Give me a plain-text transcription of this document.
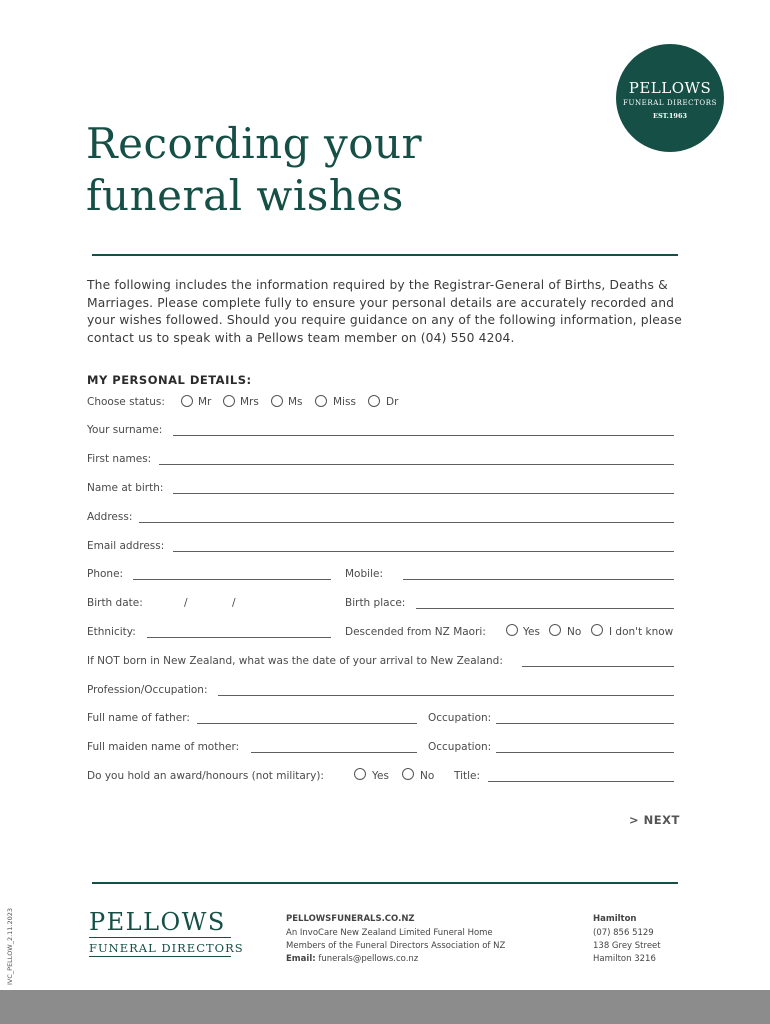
PELLOWS
FUNERAL DIRECTORS
EST.1963
Recording your
funeral wishes
The following includes the information required by the Registrar-General of Births, Deaths & Marriages. Please complete fully to ensure your personal details are accurately recorded and your wishes followed. Should you require guidance on any of the following information, please contact us to speak with a Pellows team member on (04) 550 4204.
MY PERSONAL DETAILS:
Choose status:	Mr	Mrs	Ms	Miss	Dr
Your surname:
First names:
Name at birth:
Address:
Email address:
Phone:	Mobile:
Birth date:	/	/	Birth place:
Ethnicity:	Descended from NZ Maori:	Yes	No	I don't know
If NOT born in New Zealand, what was the date of your arrival to New Zealand:
Profession/Occupation:
Full name of father:	Occupation:
Full maiden name of mother:	Occupation:
Do you hold an award/honours (not military):	Yes	No Title:
> NEXT
IVC_PELLOW_2.11.2023	PELLOWS
FUNERAL DIRECTORS
PELLOWSFUNERALS.CO.NZ
An InvoCare New Zealand Limited Funeral Home
Members of the Funeral Directors Association of NZ
Email: funerals@pellows.co.nz
Hamilton
(07) 856 5129
138 Grey Street
Hamilton 3216
